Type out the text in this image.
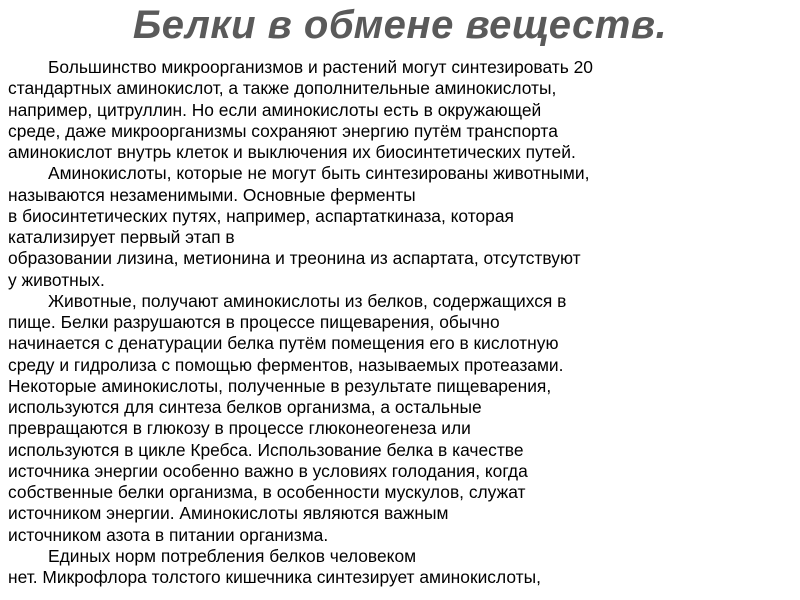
Белки в обмене веществ.
Большинство микроорганизмов и растений могут синтезировать 20
стандартных аминокислот, а также дополнительные аминокислоты,
например, цитруллин. Но если аминокислоты есть в окружающей
среде, даже микроорганизмы сохраняют энергию путём транспорта
аминокислот внутрь клеток и выключения их биосинтетических путей.
Аминокислоты, которые не могут быть синтезированы животными,
называются незаменимыми. Основные ферменты
в биосинтетических путях, например, аспартаткиназа, которая
катализирует первый этап в
образовании лизина, метионина и треонина из аспартата, отсутствуют
у животных.
Животные, получают аминокислоты из белков, содержащихся в
пище. Белки разрушаются в процессе пищеварения, обычно
начинается с денатурации белка путём помещения его в кислотную
среду и гидролиза с помощью ферментов, называемых протеазами.
Некоторые аминокислоты, полученные в результате пищеварения,
используются для синтеза белков организма, а остальные
превращаются в глюкозу в процессе глюконеогенеза или
используются в цикле Кребса. Использование белка в качестве
источника энергии особенно важно в условиях голодания, когда
собственные белки организма, в особенности мускулов, служат
источником энергии. Аминокислоты являются важным
источником азота в питании организма.
Единых норм потребления белков человеком
нет. Микрофлора толстого кишечника синтезирует аминокислоты,
